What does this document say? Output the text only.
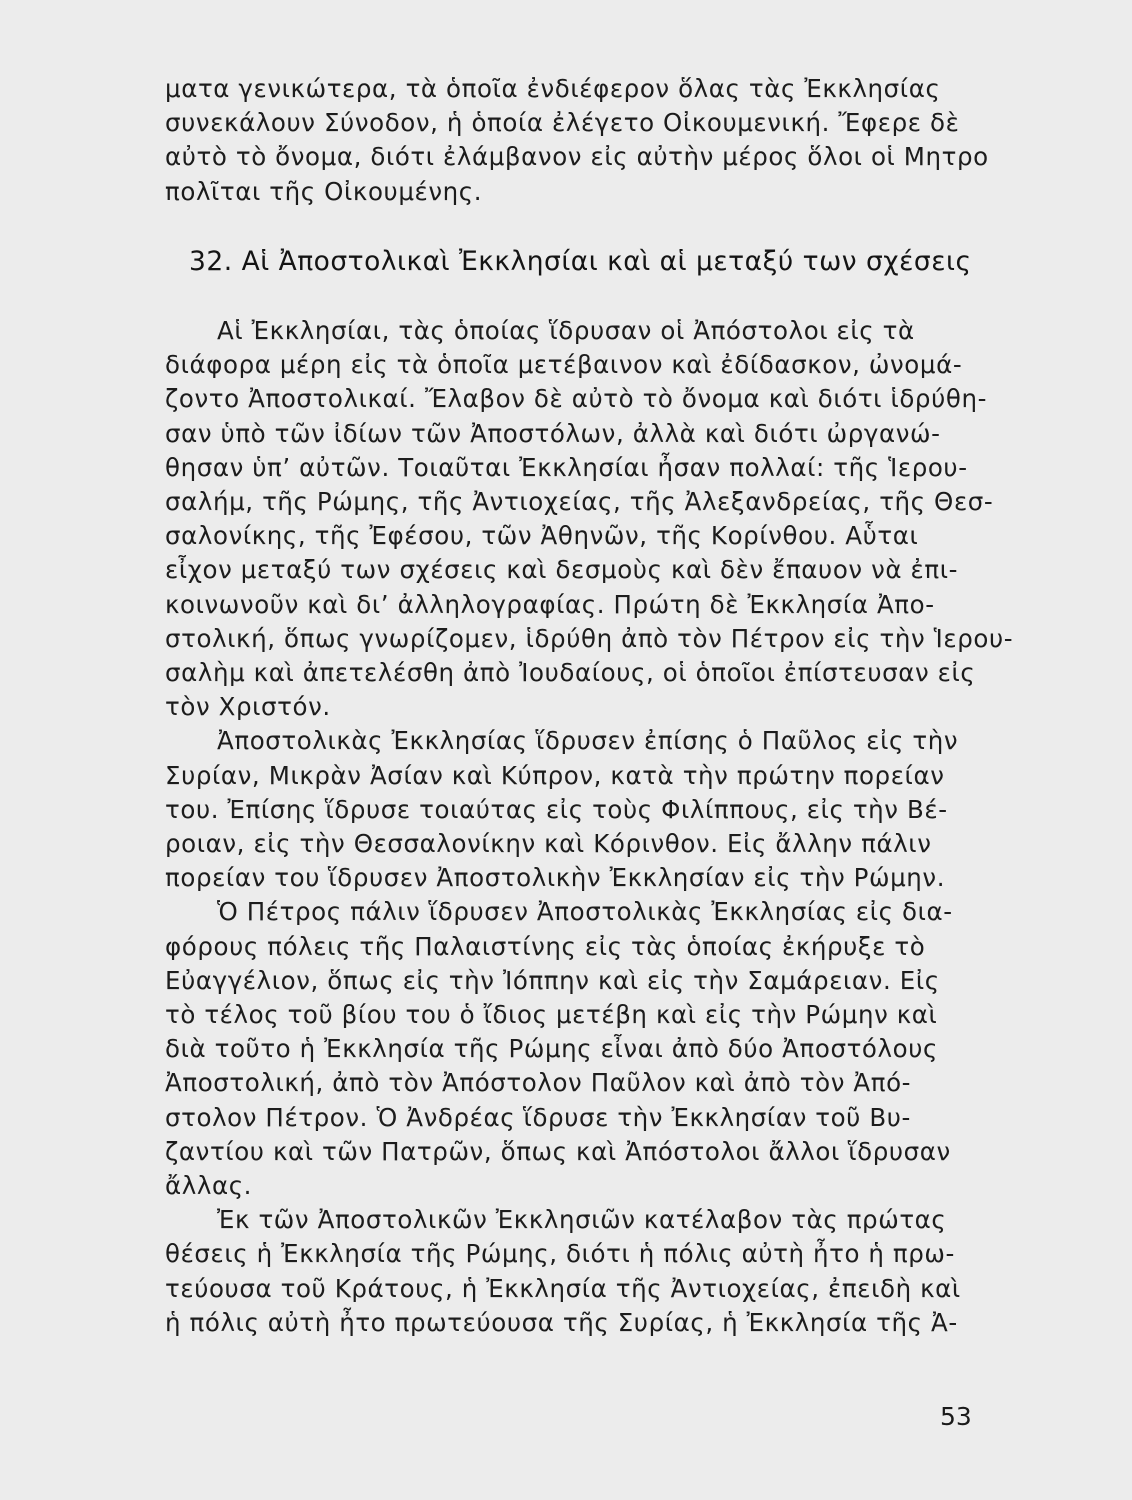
ματα γενικώτερα, τὰ ὁποῖα ἐνδιέφερον ὅλας τὰς Ἐκκλησίας
συνεκάλουν Σύνοδον, ἡ ὁποία ἐλέγετο Οἰκουμενική. Ἔφερε δὲ
αὐτὸ τὸ ὄνομα, διότι ἐλάμβανον εἰς αὐτὴν μέρος ὅλοι οἱ Μητρο
πολῖται τῆς Οἰκουμένης.
32. Αἱ Ἀποστολικαὶ Ἐκκλησίαι καὶ αἱ μεταξύ των σχέσεις
Αἱ Ἐκκλησίαι, τὰς ὁποίας ἵδρυσαν οἱ Ἀπόστολοι εἰς τὰ
διάφορα μέρη εἰς τὰ ὁποῖα μετέβαινον καὶ ἐδίδασκον, ὠνομά-
ζοντο Ἀποστολικαί. Ἔλαβον δὲ αὐτὸ τὸ ὄνομα καὶ διότι ἱδρύθη-
σαν ὑπὸ τῶν ἰδίων τῶν Ἀποστόλων, ἀλλὰ καὶ διότι ὠργανώ-
θησαν ὑπ’ αὐτῶν. Τοιαῦται Ἐκκλησίαι ἦσαν πολλαί: τῆς Ἱερου-
σαλήμ, τῆς Ρώμης, τῆς Ἀντιοχείας, τῆς Ἀλεξανδρείας, τῆς Θεσ-
σαλονίκης, τῆς Ἐφέσου, τῶν Ἀθηνῶν, τῆς Κορίνθου. Αὗται
εἶχον μεταξύ των σχέσεις καὶ δεσμοὺς καὶ δὲν ἔπαυον νὰ ἐπι-
κοινωνοῦν καὶ δι’ ἀλληλογραφίας. Πρώτη δὲ Ἐκκλησία Ἀπο-
στολική, ὅπως γνωρίζομεν, ἱδρύθη ἀπὸ τὸν Πέτρον εἰς τὴν Ἱερου-
σαλὴμ καὶ ἀπετελέσθη ἀπὸ Ἰουδαίους, οἱ ὁποῖοι ἐπίστευσαν εἰς
τὸν Χριστόν.
Ἀποστολικὰς Ἐκκλησίας ἵδρυσεν ἐπίσης ὁ Παῦλος εἰς τὴν
Συρίαν, Μικρὰν Ἀσίαν καὶ Κύπρον, κατὰ τὴν πρώτην πορείαν
του. Ἐπίσης ἵδρυσε τοιαύτας εἰς τοὺς Φιλίππους, εἰς τὴν Βέ-
ροιαν, εἰς τὴν Θεσσαλονίκην καὶ Κόρινθον. Εἰς ἄλλην πάλιν
πορείαν του ἵδρυσεν Ἀποστολικὴν Ἐκκλησίαν εἰς τὴν Ρώμην.
Ὁ Πέτρος πάλιν ἵδρυσεν Ἀποστολικὰς Ἐκκλησίας εἰς δια-
φόρους πόλεις τῆς Παλαιστίνης εἰς τὰς ὁποίας ἐκήρυξε τὸ
Εὐαγγέλιον, ὅπως εἰς τὴν Ἰόππην καὶ εἰς τὴν Σαμάρειαν. Εἰς
τὸ τέλος τοῦ βίου του ὁ ἴδιος μετέβη καὶ εἰς τὴν Ρώμην καὶ
διὰ τοῦτο ἡ Ἐκκλησία τῆς Ρώμης εἶναι ἀπὸ δύο Ἀποστόλους
Ἀποστολική, ἀπὸ τὸν Ἀπόστολον Παῦλον καὶ ἀπὸ τὸν Ἀπό-
στολον Πέτρον. Ὁ Ἀνδρέας ἵδρυσε τὴν Ἐκκλησίαν τοῦ Βυ-
ζαντίου καὶ τῶν Πατρῶν, ὅπως καὶ Ἀπόστολοι ἄλλοι ἵδρυσαν
ἄλλας.
Ἐκ τῶν Ἀποστολικῶν Ἐκκλησιῶν κατέλαβον τὰς πρώτας
θέσεις ἡ Ἐκκλησία τῆς Ρώμης, διότι ἡ πόλις αὐτὴ ἦτο ἡ πρω-
τεύουσα τοῦ Κράτους, ἡ Ἐκκλησία τῆς Ἀντιοχείας, ἐπειδὴ καὶ
ἡ πόλις αὐτὴ ἦτο πρωτεύουσα τῆς Συρίας, ἡ Ἐκκλησία τῆς Ἀ-
53
